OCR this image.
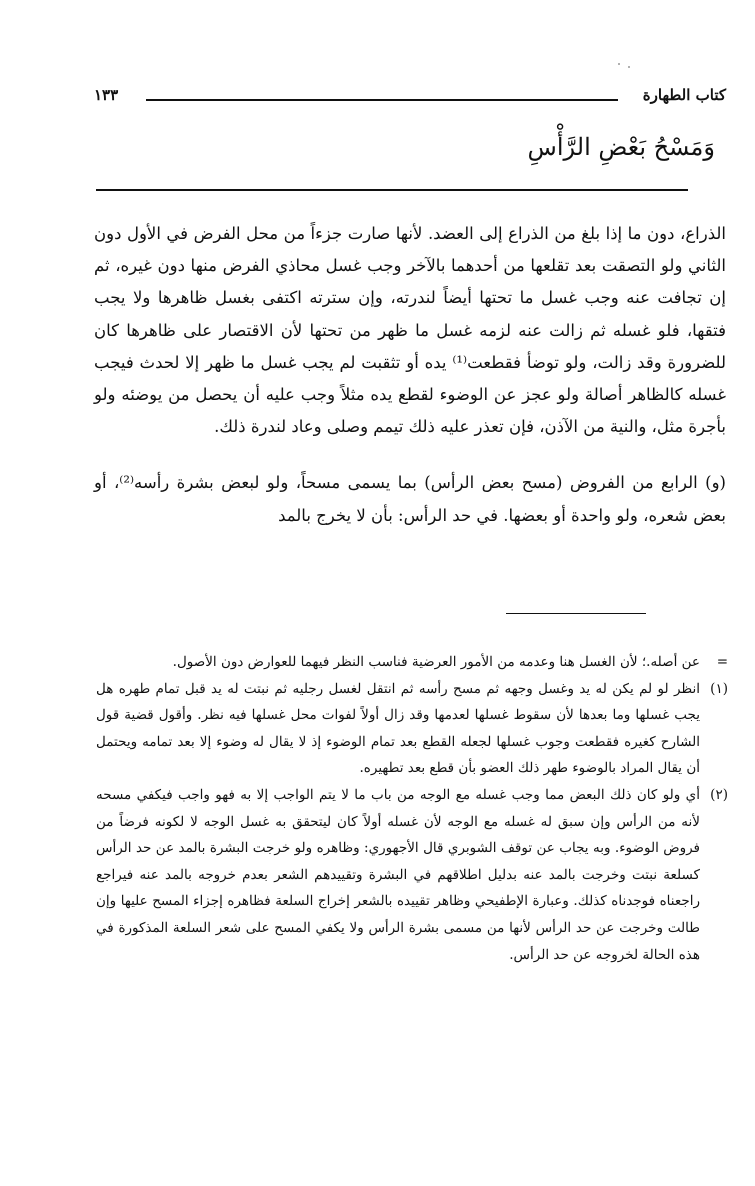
كتاب الطهارة
١٣٣
وَمَسْحُ بَعْضِ الرَّأْسِ

الذراع، دون ما إذا بلغ من الذراع إلى العضد. لأنها صارت جزءاً من محل الفرض في الأول دون الثاني ولو التصقت بعد تقلعها من أحدهما بالآخر وجب غسل محاذي الفرض منها دون غيره، ثم إن تجافت عنه وجب غسل ما تحتها أيضاً لندرته، وإن سترته اكتفى بغسل ظاهرها ولا يجب فتقها، فلو غسله ثم زالت عنه لزمه غسل ما ظهر من تحتها لأن الاقتصار على ظاهرها كان للضرورة وقد زالت، ولو توضأ فقطعت⁽¹⁾ يده أو تثقبت لم يجب غسل ما ظهر إلا لحدث فيجب غسله كالظاهر أصالة ولو عجز عن الوضوء لقطع يده مثلاً وجب عليه أن يحصل من يوضئه ولو بأجرة مثل، والنية من الآذن، فإن تعذر عليه ذلك تيمم وصلى وعاد لندرة ذلك.

(و) الرابع من الفروض (مسح بعض الرأس) بما يسمى مسحاً، ولو لبعض بشرة رأسه⁽²⁾، أو بعض شعره، ولو واحدة أو بعضها. في حد الرأس: بأن لا يخرج بالمد

=
عن أصله.؛ لأن الغسل هنا وعدمه من الأمور العرضية فناسب النظر فيهما للعوارض دون الأصول.
(١)
انظر لو لم يكن له يد وغسل وجهه ثم مسح رأسه ثم انتقل لغسل رجليه ثم نبتت له يد قبل تمام طهره هل يجب غسلها وما بعدها لأن سقوط غسلها لعدمها وقد زال أولاً لفوات محل غسلها فيه نظر. وأقول قضية قول الشارح كغيره فقطعت وجوب غسلها لجعله القطع بعد تمام الوضوء إذ لا يقال له وضوء إلا بعد تمامه ويحتمل أن يقال المراد بالوضوء طهر ذلك العضو بأن قطع بعد تطهيره.
(٢)
أي ولو كان ذلك البعض مما وجب غسله مع الوجه من باب ما لا يتم الواجب إلا به فهو واجب فيكفي مسحه لأنه من الرأس وإن سبق له غسله مع الوجه لأن غسله أولاً كان ليتحقق به غسل الوجه لا لكونه فرضاً من فروض الوضوء. وبه يجاب عن توقف الشوبري قال الأجهوري: وظاهره ولو خرجت البشرة بالمد عن حد الرأس كسلعة نبتت وخرجت بالمد عنه بدليل اطلاقهم في البشرة وتقييدهم الشعر بعدم خروجه بالمد عنه فيراجع راجعناه فوجدناه كذلك. وعبارة الإطفيحي وظاهر تقييده بالشعر إخراج السلعة فظاهره إجزاء المسح عليها وإن طالت وخرجت عن حد الرأس لأنها من مسمى بشرة الرأس ولا يكفي المسح على شعر السلعة المذكورة في هذه الحالة لخروجه عن حد الرأس.
